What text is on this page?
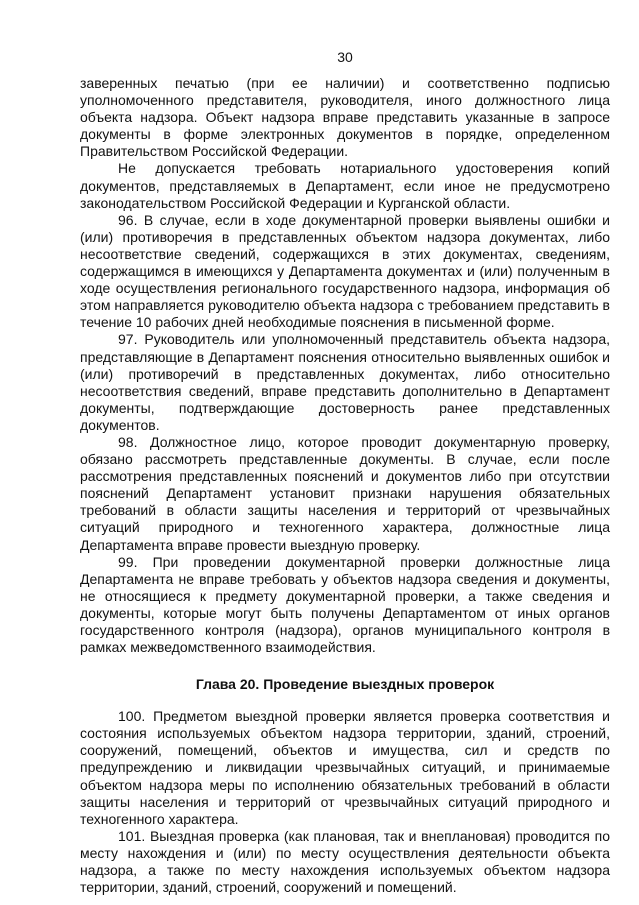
30

заверенных печатью (при ее наличии) и соответственно подписью уполномоченного представителя, руководителя, иного должностного лица объекта надзора. Объект надзора вправе представить указанные в запросе документы в форме электронных документов в порядке, определенном Правительством Российской Федерации.

Не допускается требовать нотариального удостоверения копий документов, представляемых в Департамент, если иное не предусмотрено законодательством Российской Федерации и Курганской области.

96. В случае, если в ходе документарной проверки выявлены ошибки и (или) противоречия в представленных объектом надзора документах, либо несоответствие сведений, содержащихся в этих документах, сведениям, содержащимся в имеющихся у Департамента документах и (или) полученным в ходе осуществления регионального государственного надзора, информация об этом направляется руководителю объекта надзора с требованием представить в течение 10 рабочих дней необходимые пояснения в письменной форме.

97. Руководитель или уполномоченный представитель объекта надзора, представляющие в Департамент пояснения относительно выявленных ошибок и (или) противоречий в представленных документах, либо относительно несоответствия сведений, вправе представить дополнительно в Департамент документы, подтверждающие достоверность ранее представленных документов.

98. Должностное лицо, которое проводит документарную проверку, обязано рассмотреть представленные документы. В случае, если после рассмотрения представленных пояснений и документов либо при отсутствии пояснений Департамент установит признаки нарушения обязательных требований в области защиты населения и территорий от чрезвычайных ситуаций природного и техногенного характера, должностные лица Департамента вправе провести выездную проверку.

99. При проведении документарной проверки должностные лица Департамента не вправе требовать у объектов надзора сведения и документы, не относящиеся к предмету документарной проверки, а также сведения и документы, которые могут быть получены Департаментом от иных органов государственного контроля (надзора), органов муниципального контроля в рамках межведомственного взаимодействия.

Глава 20. Проведение выездных проверок

100. Предметом выездной проверки является проверка соответствия и состояния используемых объектом надзора территории, зданий, строений, сооружений, помещений, объектов и имущества, сил и средств по предупреждению и ликвидации чрезвычайных ситуаций, и принимаемые объектом надзора меры по исполнению обязательных требований в области защиты населения и территорий от чрезвычайных ситуаций природного и техногенного характера.

101. Выездная проверка (как плановая, так и внеплановая) проводится по месту нахождения и (или) по месту осуществления деятельности объекта надзора, а также по месту нахождения используемых объектом надзора территории, зданий, строений, сооружений и помещений.
